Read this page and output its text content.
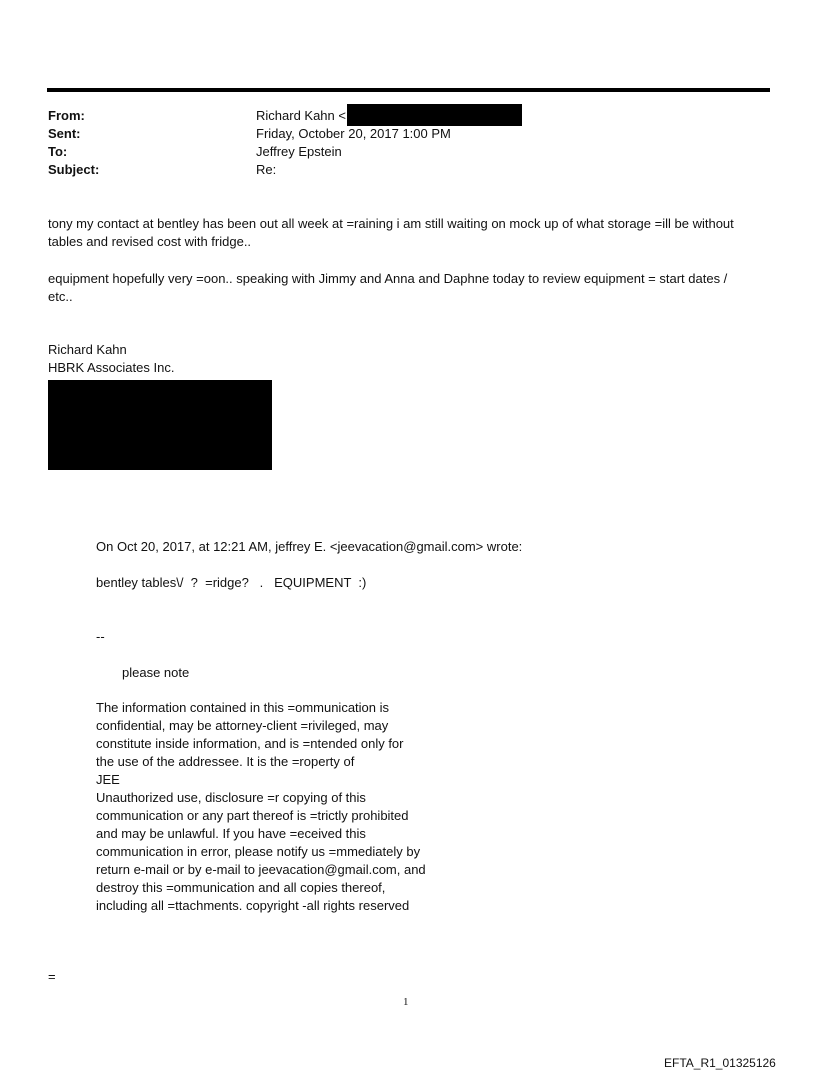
From:	Richard Kahn <
Sent:	Friday, October 20, 2017 1:00 PM
To:	Jeffrey Epstein
Subject:	Re:
tony my contact at bentley has been out all week at =raining i am still waiting on mock up of what storage =ill be without
tables and revised cost with fridge..
equipment hopefully very =oon.. speaking with Jimmy and Anna and Daphne today to review equipment = start dates /
etc..
Richard Kahn
HBRK Associates Inc.
On Oct 20, 2017, at 12:21 AM, jeffrey E. <jeevacation@gmail.com> wrote:
bentley tables\/  ?  =ridge?   .   EQUIPMENT  :)
--
please note
The information contained in this =ommunication is
confidential, may be attorney-client =rivileged, may
constitute inside information, and is =ntended only for
the use of the addressee. It is the =roperty of
JEE
Unauthorized use, disclosure =r copying of this
communication or any part thereof is =trictly prohibited
and may be unlawful. If you have =eceived this
communication in error, please notify us =mmediately by
return e-mail or by e-mail to jeevacation@gmail.com, and
destroy this =ommunication and all copies thereof,
including all =ttachments. copyright -all rights reserved
=
1
EFTA_R1_01325126
